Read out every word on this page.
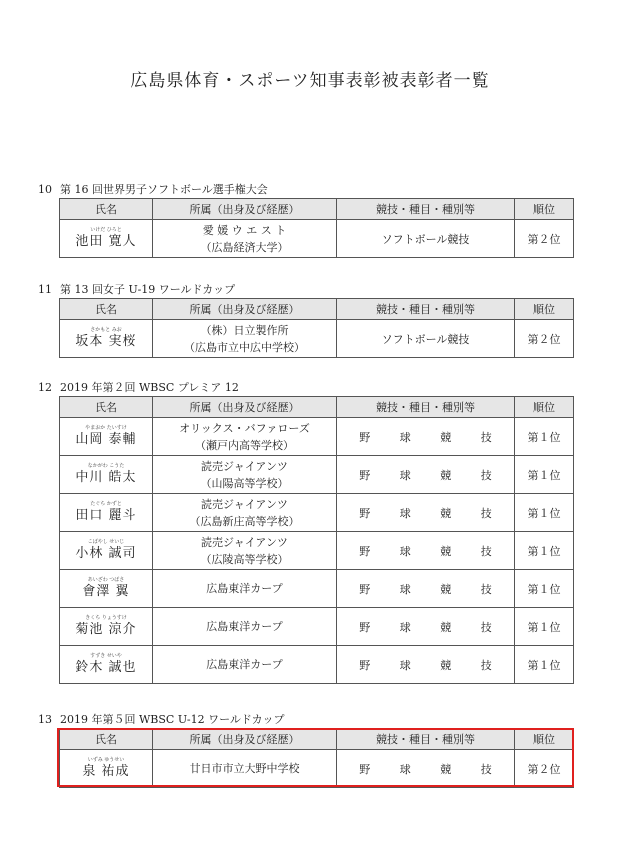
広島県体育・スポーツ知事表彰被表彰者一覧
10 第 16 回世界男子ソフトボール選手権大会
氏名	所属（出身及び経歴）	競技・種目・種別等	順位

いけだ ひろと
池田 寛人	愛 媛 ウ エ ス ト
（広島経済大学）	ソフトボール競技	第２位
11 第 13 回女子 U-19 ワールドカップ
氏名	所属（出身及び経歴）	競技・種目・種別等	順位

さかもと みお
坂本 実桜	（株）日立製作所
（広島市立中広中学校）	ソフトボール競技	第２位
12 2019 年第２回 WBSC プレミア 12
氏名	所属（出身及び経歴）	競技・種目・種別等	順位

やまおか たいすけ
山岡 泰輔	オリックス・バファローズ
（瀬戸内高等学校）	野 球 競 技	第１位

なかがわ こうた
中川 皓太	読売ジャイアンツ
（山陽高等学校）	野 球 競 技	第１位

たぐち かずと
田口 麗斗	読売ジャイアンツ
（広島新庄高等学校）	野 球 競 技	第１位

こばやし せいじ
小林 誠司	読売ジャイアンツ
（広陵高等学校）	野 球 競 技	第１位

あいざわ つばさ
會澤 翼	広島東洋カープ	野 球 競 技	第１位

きくち りょうすけ
菊池 涼介	広島東洋カープ	野 球 競 技	第１位

すずき せいや
鈴木 誠也	広島東洋カープ	野 球 競 技	第１位
13 2019 年第５回 WBSC U-12 ワールドカップ
氏名	所属（出身及び経歴）	競技・種目・種別等	順位

いずみ ゆうせい
泉 祐成	廿日市市立大野中学校	野 球 競 技	第２位
